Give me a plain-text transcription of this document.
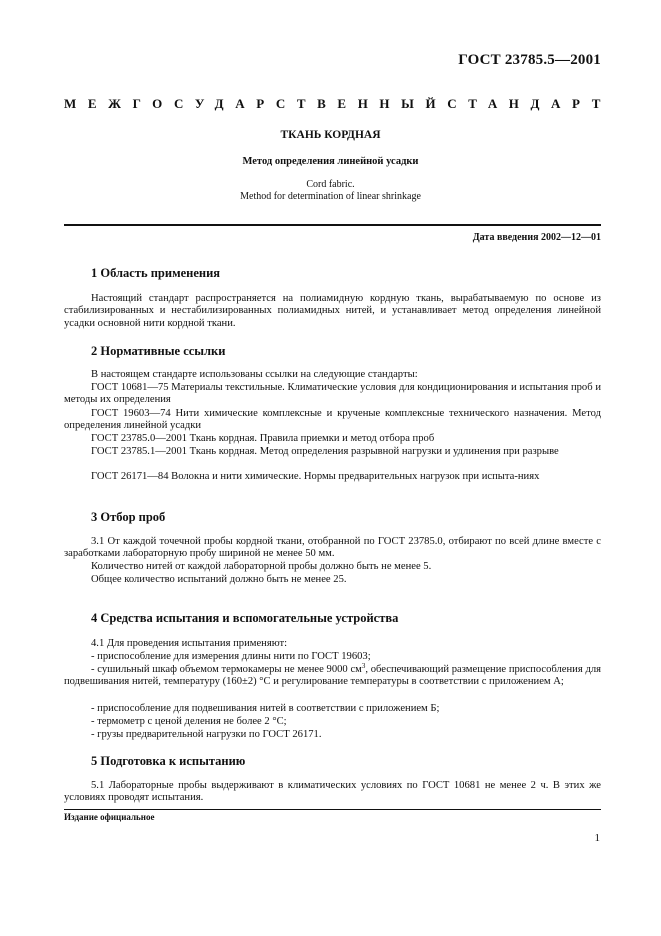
ГОСТ 23785.5—2001
МЕЖГОСУДАРСТВЕННЫЙ СТАНДАРТ
ТКАНЬ КОРДНАЯ
Метод определения линейной усадки
Cord fabric.
Method for determination of linear shrinkage
Дата введения 2002—12—01
1 Область применения
Настоящий стандарт распространяется на полиамидную кордную ткань, вырабатываемую по основе из стабилизированных и нестабилизированных полиамидных нитей, и устанавливает метод определения линейной усадки основной нити кордной ткани.
2 Нормативные ссылки
В настоящем стандарте использованы ссылки на следующие стандарты:
ГОСТ 10681—75 Материалы текстильные. Климатические условия для кондиционирования и испытания проб и методы их определения
ГОСТ 19603—74 Нити химические комплексные и крученые комплексные технического назначения. Метод определения линейной усадки
ГОСТ 23785.0—2001 Ткань кордная. Правила приемки и метод отбора проб
ГОСТ 23785.1—2001 Ткань кордная. Метод определения разрывной нагрузки и удлинения при разрыве
ГОСТ 26171—84 Волокна и нити химические. Нормы предварительных нагрузок при испыта-ниях
3 Отбор проб
3.1 От каждой точечной пробы кордной ткани, отобранной по ГОСТ 23785.0, отбирают по всей длине вместе с заработками лабораторную пробу шириной не менее 50 мм.
Количество нитей от каждой лабораторной пробы должно быть не менее 5.
Общее количество испытаний должно быть не менее 25.
4 Средства испытания и вспомогательные устройства
4.1 Для проведения испытания применяют:
- приспособление для измерения длины нити по ГОСТ 19603;
- сушильный шкаф объемом термокамеры не менее 9000 $см^3$, обеспечивающий размещение приспособления для подвешивания нитей, температуру (160±2) °С и регулирование температуры в соответствии с приложением А;
- приспособление для подвешивания нитей в соответствии с приложением Б;
- термометр с ценой деления не более 2 °С;
- грузы предварительной нагрузки по ГОСТ 26171.
5 Подготовка к испытанию
5.1 Лабораторные пробы выдерживают в климатических условиях по ГОСТ 10681 не менее 2 ч. В этих же условиях проводят испытания.
Издание официальное
1
